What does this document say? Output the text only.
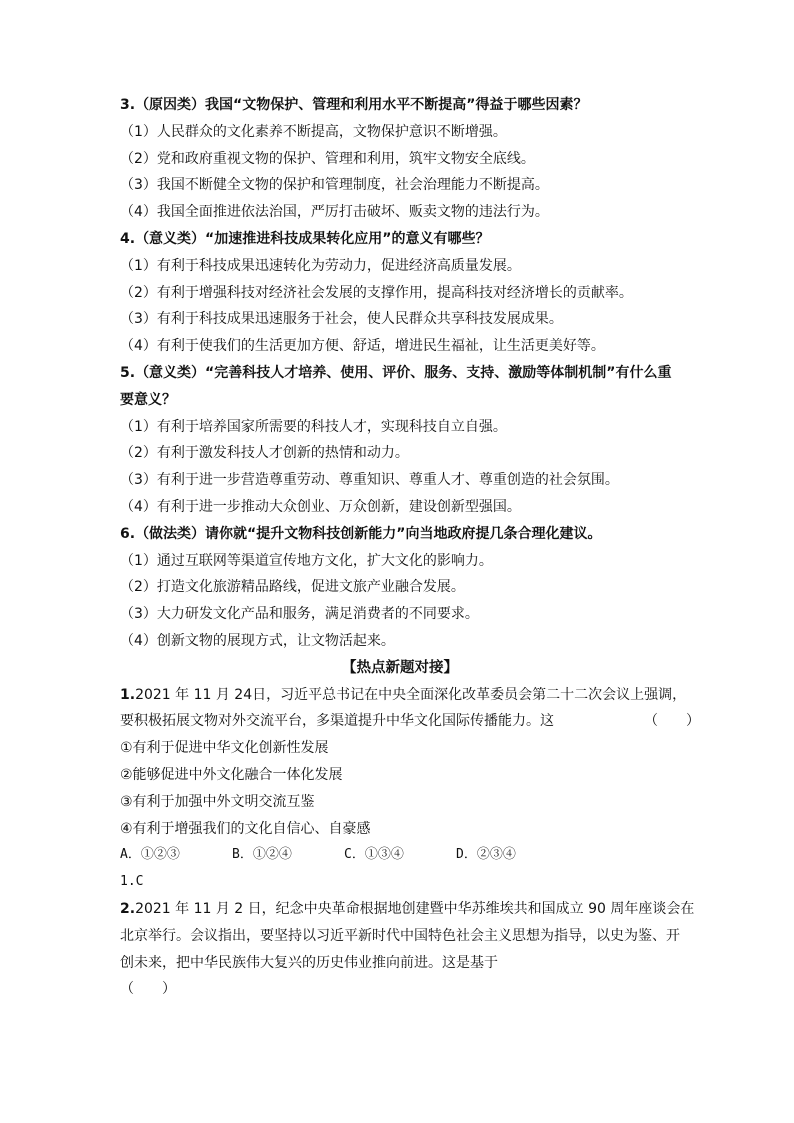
3.（原因类）我国“文物保护、管理和利用水平不断提高”得益于哪些因素？
（1）人民群众的文化素养不断提高，文物保护意识不断增强。
（2）党和政府重视文物的保护、管理和利用，筑牢文物安全底线。
（3）我国不断健全文物的保护和管理制度，社会治理能力不断提高。
（4）我国全面推进依法治国，严厉打击破坏、贩卖文物的违法行为。
4.（意义类）“加速推进科技成果转化应用”的意义有哪些？
（1）有利于科技成果迅速转化为劳动力，促进经济高质量发展。
（2）有利于增强科技对经济社会发展的支撑作用，提高科技对经济增长的贡献率。
（3）有利于科技成果迅速服务于社会，使人民群众共享科技发展成果。
（4）有利于使我们的生活更加方便、舒适，增进民生福祉，让生活更美好等。
5.（意义类）“完善科技人才培养、使用、评价、服务、支持、激励等体制机制”有什么重
要意义？
（1）有利于培养国家所需要的科技人才，实现科技自立自强。
（2）有利于激发科技人才创新的热情和动力。
（3）有利于进一步营造尊重劳动、尊重知识、尊重人才、尊重创造的社会氛围。
（4）有利于进一步推动大众创业、万众创新，建设创新型强国。
6.（做法类）请你就“提升文物科技创新能力”向当地政府提几条合理化建议。
（1）通过互联网等渠道宣传地方文化，扩大文化的影响力。
（2）打造文化旅游精品路线，促进文旅产业融合发展。
（3）大力研发文化产品和服务，满足消费者的不同要求。
（4）创新文物的展现方式，让文物活起来。
【热点新题对接】
1.2021 年 11 月 24日，习近平总书记在中央全面深化改革委员会第二十二次会议上强调，
要积极拓展文物对外交流平台，多渠道提升中华文化国际传播能力。这	（　　）
①有利于促进中华文化创新性发展
②能够促进中外文化融合一体化发展
③有利于加强中外文明交流互鉴
④有利于增强我们的文化自信心、自豪感
A．①②③	B．①②④	C．①③④	D．②③④
1.C
2.2021 年 11 月 2 日，纪念中央革命根据地创建暨中华苏维埃共和国成立 90 周年座谈会在
北京举行。会议指出，要坚持以习近平新时代中国特色社会主义思想为指导，以史为鉴、开
创未来，把中华民族伟大复兴的历史伟业推向前进。这是基于
（　　）
